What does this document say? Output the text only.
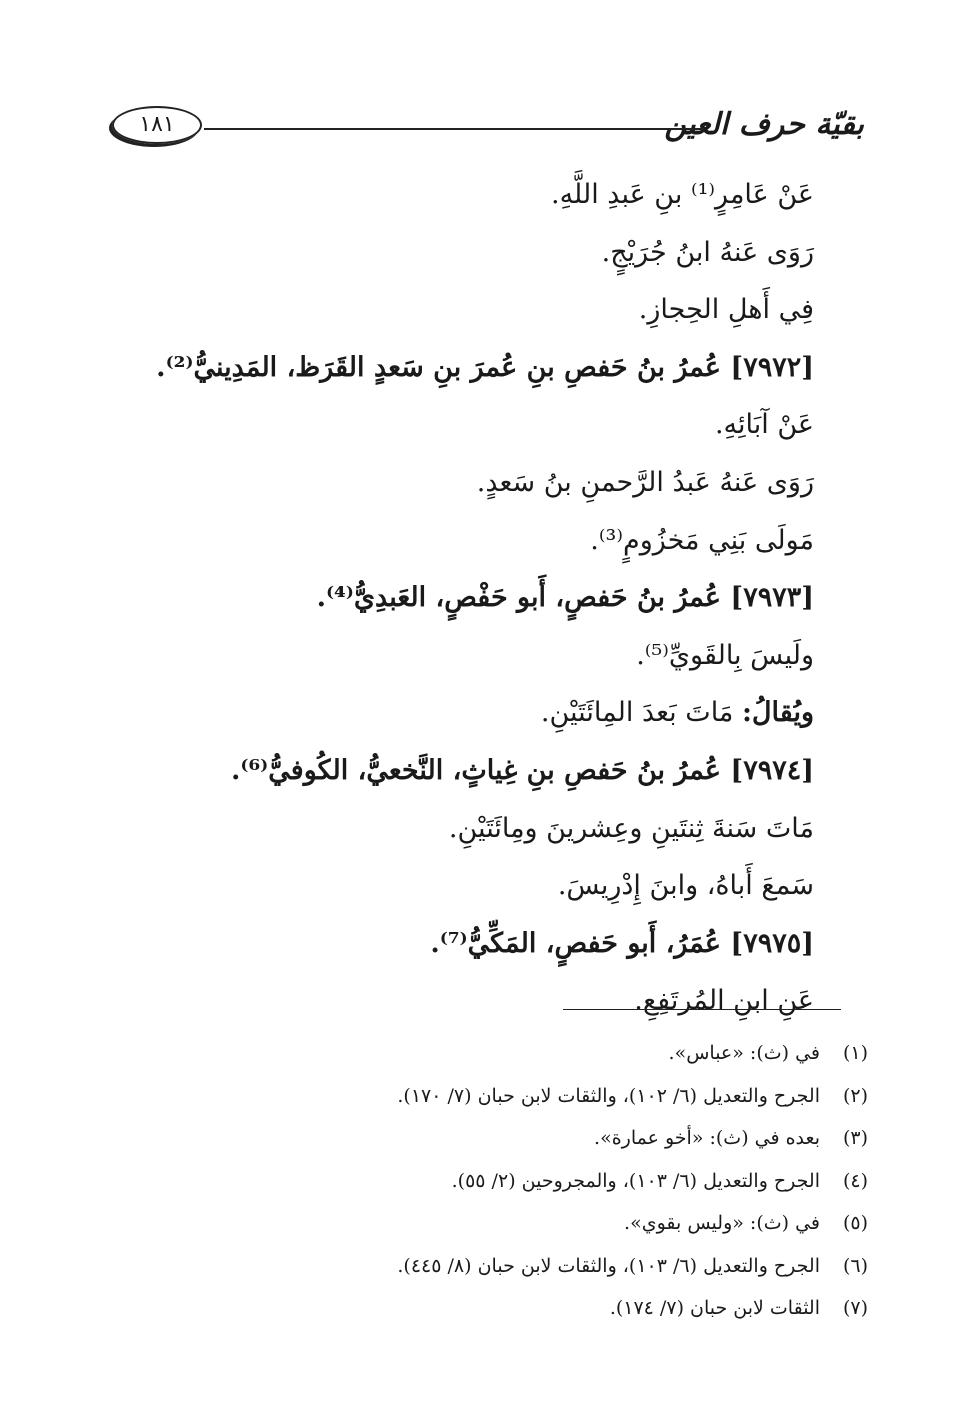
بقيّة حرف العين
١٨١
عَنْ عَامِرٍ⁽¹⁾ بنِ عَبدِ اللَّهِ.
رَوَى عَنهُ ابنُ جُرَيْجٍ.
فِي أَهلِ الحِجازِ.
[٧٩٧٢] عُمرُ بنُ حَفصِ بنِ عُمرَ بنِ سَعدٍ القَرَظ، المَدِينيُّ⁽²⁾.
عَنْ آبَائِهِ.
رَوَى عَنهُ عَبدُ الرَّحمنِ بنُ سَعدٍ.
مَولَى بَنِي مَخزُومٍ⁽³⁾.
[٧٩٧٣] عُمرُ بنُ حَفصٍ، أَبو حَفْصٍ، العَبدِيُّ⁽⁴⁾.
ولَيسَ بِالقَويِّ⁽⁵⁾.
ويُقالُ: مَاتَ بَعدَ المِائَتَيْنِ.
[٧٩٧٤] عُمرُ بنُ حَفصِ بنِ غِياثٍ، النَّخعيُّ، الكُوفيُّ⁽⁶⁾.
مَاتَ سَنةَ ثِنتَينِ وعِشرينَ ومِائَتَيْنِ.
سَمعَ أَباهُ، وابنَ إِدْرِيسَ.
[٧٩٧٥] عُمَرُ، أَبو حَفصٍ، المَكِّيُّ⁽⁷⁾.
عَنِ ابنِ المُرتَفِعِ.
(١)
في (ث): «عباس».
(٢)
الجرح والتعديل (٦/ ١٠٢)، والثقات لابن حبان (٧/ ١٧٠).
(٣)
بعده في (ث): «أخو عمارة».
(٤)
الجرح والتعديل (٦/ ١٠٣)، والمجروحين (٢/ ٥٥).
(٥)
في (ث): «وليس بقوي».
(٦)
الجرح والتعديل (٦/ ١٠٣)، والثقات لابن حبان (٨/ ٤٤٥).
(٧)
الثقات لابن حبان (٧/ ١٧٤).
